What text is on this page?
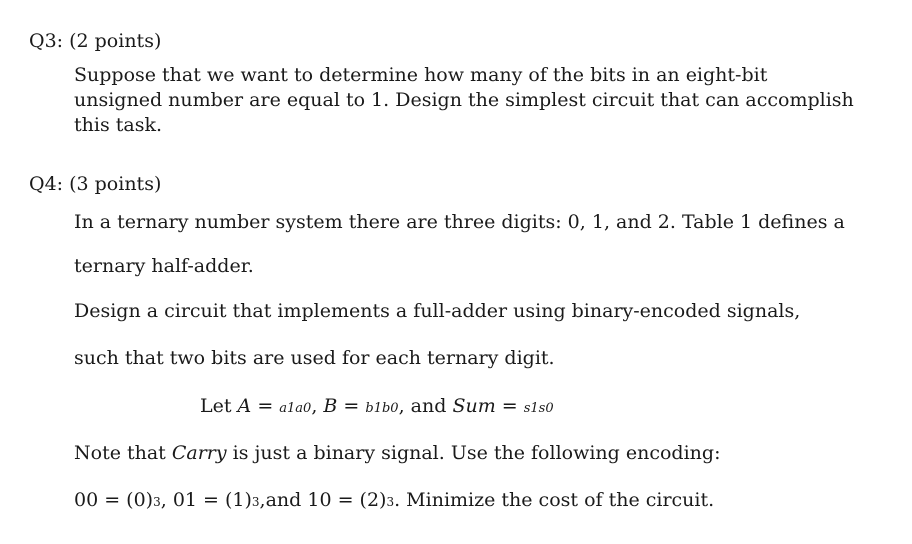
Q3: (2 points)
Suppose that we want to determine how many of the bits in an eight-bit
unsigned number are equal to 1. Design the simplest circuit that can accomplish
this task.
Q4: (3 points)
In a ternary number system there are three digits: 0, 1, and 2. Table 1 defines a
ternary half-adder.
Design a circuit that implements a full-adder using binary-encoded signals,
such that two bits are used for each ternary digit.
Let A = a1a0, B = b1b0, and Sum = s1s0
Note that Carry is just a binary signal. Use the following encoding:
00 = (0)3, 01 = (1)3,and 10 = (2)3. Minimize the cost of the circuit.
